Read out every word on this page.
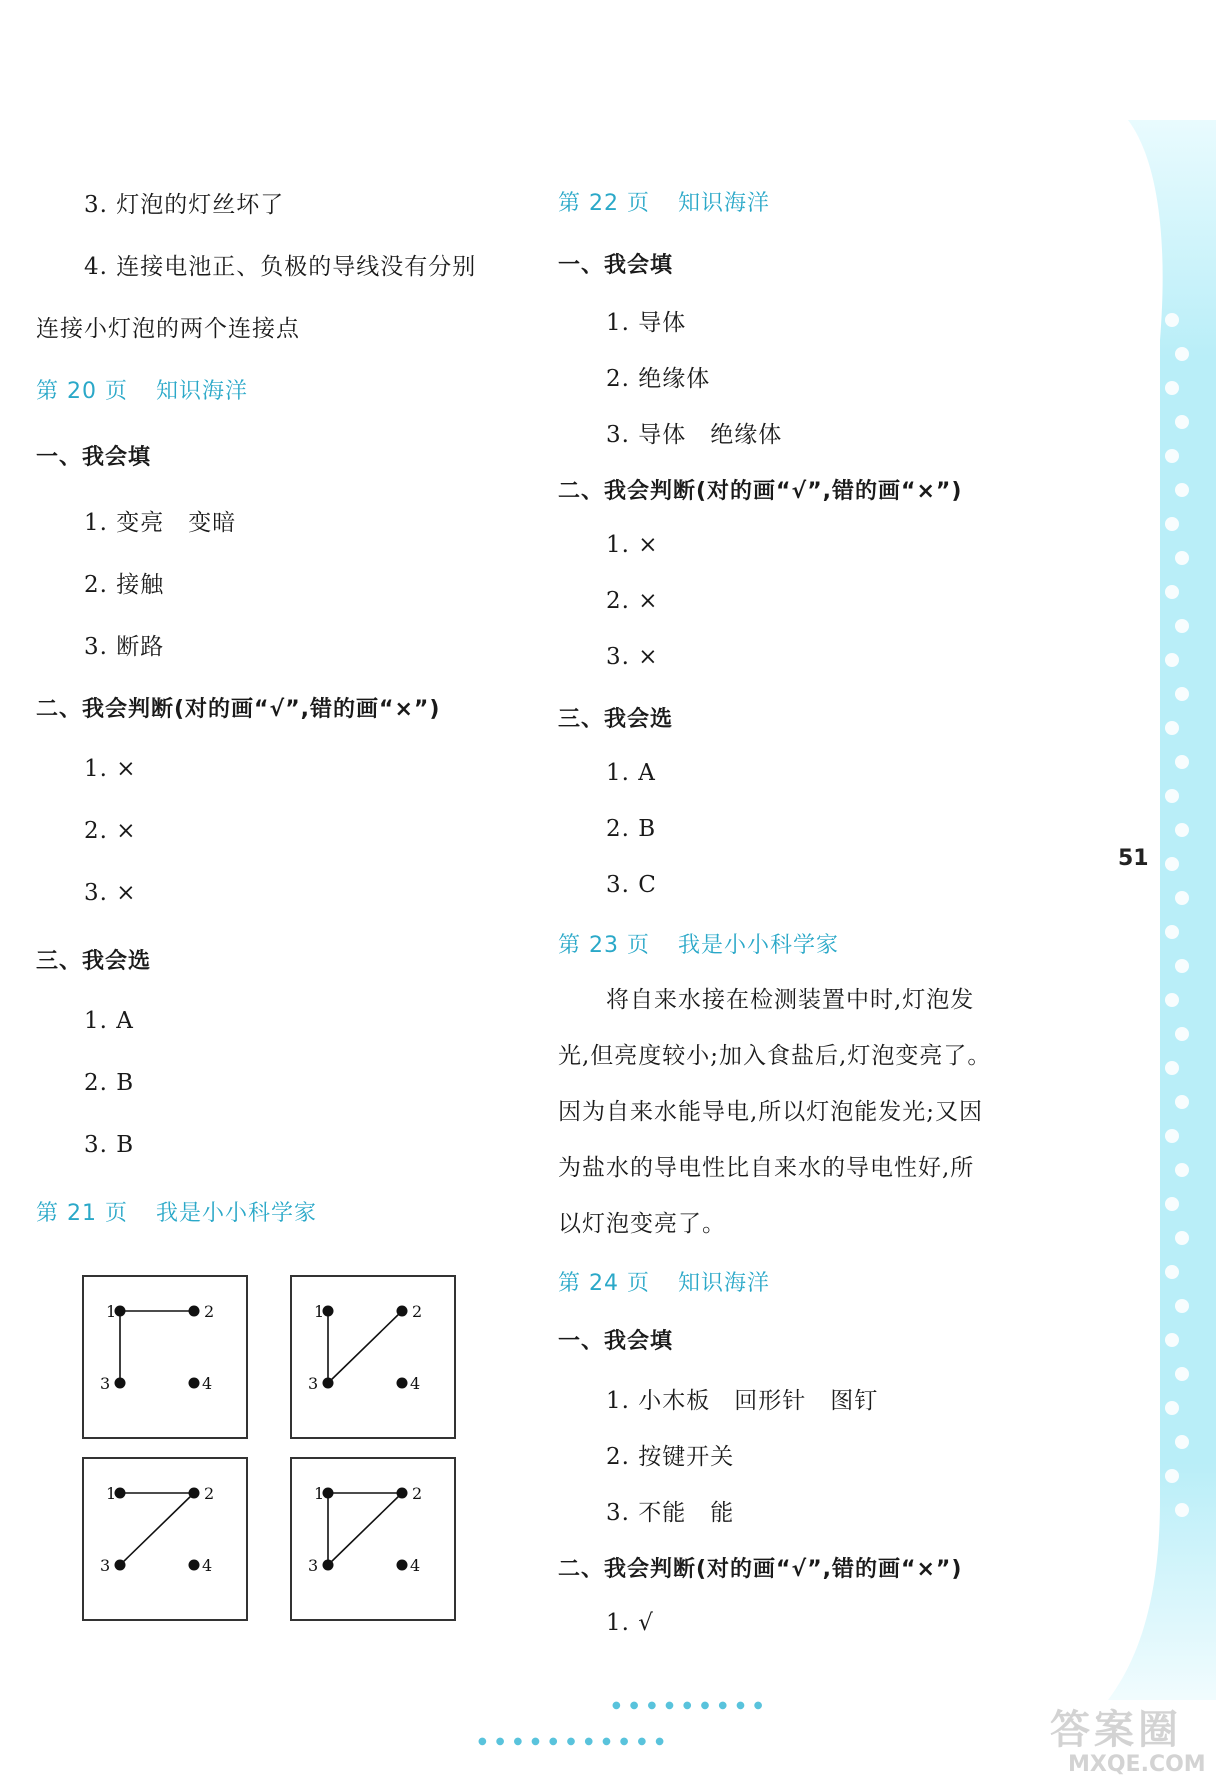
51
3. 灯泡的灯丝坏了
4. 连接电池正、负极的导线没有分别
连接小灯泡的两个连接点
第 20 页 知识海洋
一、我会填
1. 变亮　变暗
2. 接触
3. 断路
二、我会判断(对的画“√”,错的画“×”)
1. ×
2. ×
3. ×
三、我会选
1. A
2. B
3. B
第 21 页 我是小小科学家
1	2
3	4
1	2
3	4
1	2
3	4
1	2
3	4
第 22 页 知识海洋
一、我会填
1. 导体
2. 绝缘体
3. 导体　绝缘体
二、我会判断(对的画“√”,错的画“×”)
1. ×
2. ×
3. ×
三、我会选
1. A
2. B
3. C
第 23 页 我是小小科学家
　　将自来水接在检测装置中时,灯泡发
光,但亮度较小;加入食盐后,灯泡变亮了。
因为自来水能导电,所以灯泡能发光;又因
为盐水的导电性比自来水的导电性好,所
以灯泡变亮了。
第 24 页 知识海洋
一、我会填
1. 小木板　回形针　图钉
2. 按键开关
3. 不能　能
二、我会判断(对的画“√”,错的画“×”)
1. √
●●●●●●●●●
●●●●●●●●●●●	答案圈
MXQE.COM
